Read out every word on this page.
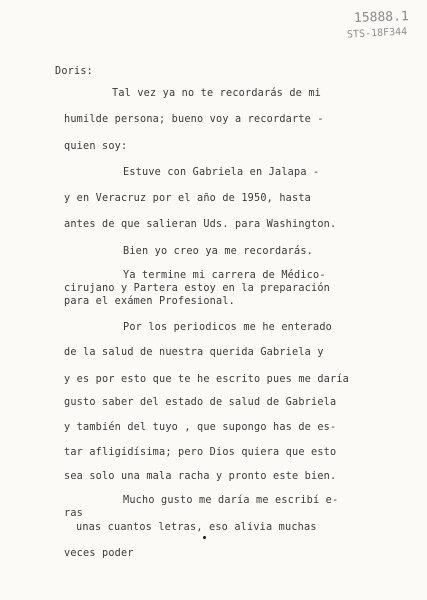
15888.1
STS-18F344

Doris:

Tal vez ya no te recordarás de mi

humilde persona; bueno voy a recordarte -

quien soy:

Estuve con Gabriela en Jalapa -

y en Veracruz por el año de 1950, hasta

antes de que salieran Uds. para Washington.

Bien yo creo ya me recordarás.

Ya termine mi carrera de Médico-

cirujano y Partera estoy en la preparación

para el exámen Profesional.

Por los periodicos me he enterado

de la salud de nuestra querida Gabriela y

y es por esto que te he escrito pues me daría

gusto saber del estado de salud de Gabriela

y también del tuyo , que supongo has de es-

tar afligidísima; pero Dios quiera que esto

sea solo una mala racha y pronto este bien.

Mucho gusto me daría me escribí e-

ras

unas cuantos letras, eso alivia muchas

veces poder
